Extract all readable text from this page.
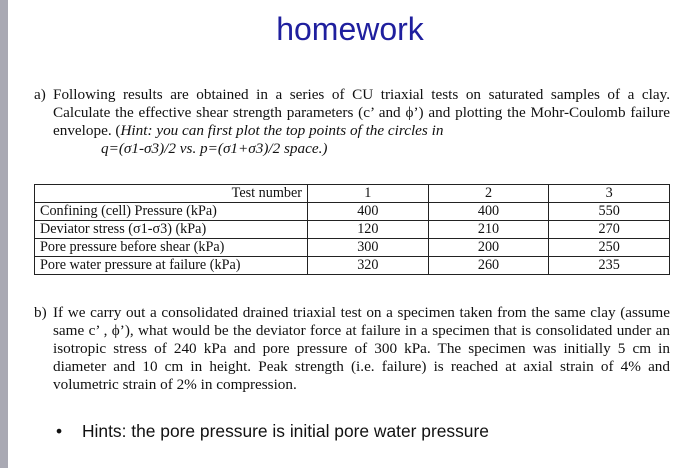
homework
a) Following results are obtained in a series of CU triaxial tests on saturated samples of a clay. Calculate the effective shear strength parameters (c’ and ϕ’) and plotting the Mohr-Coulomb failure envelope. (Hint: you can first plot the top points of the circles in
q=(σ1-σ3)/2 vs. p=(σ1+σ3)/2 space.)
Test number	1	2	3
Confining (cell) Pressure (kPa)	400	400	550
Deviator stress (σ1-σ3) (kPa)	120	210	270
Pore pressure before shear (kPa)	300	200	250
Pore water pressure at failure (kPa)	320	260	235
b) If we carry out a consolidated drained triaxial test on a specimen taken from the same clay (assume same c’ , ϕ’), what would be the deviator force at failure in a specimen that is consolidated under an isotropic stress of 240 kPa and pore pressure of 300 kPa. The specimen was initially 5 cm in diameter and 10 cm in height. Peak strength (i.e. failure) is reached at axial strain of 4% and volumetric strain of 2% in compression.
• Hints: the pore pressure is initial pore water pressure
